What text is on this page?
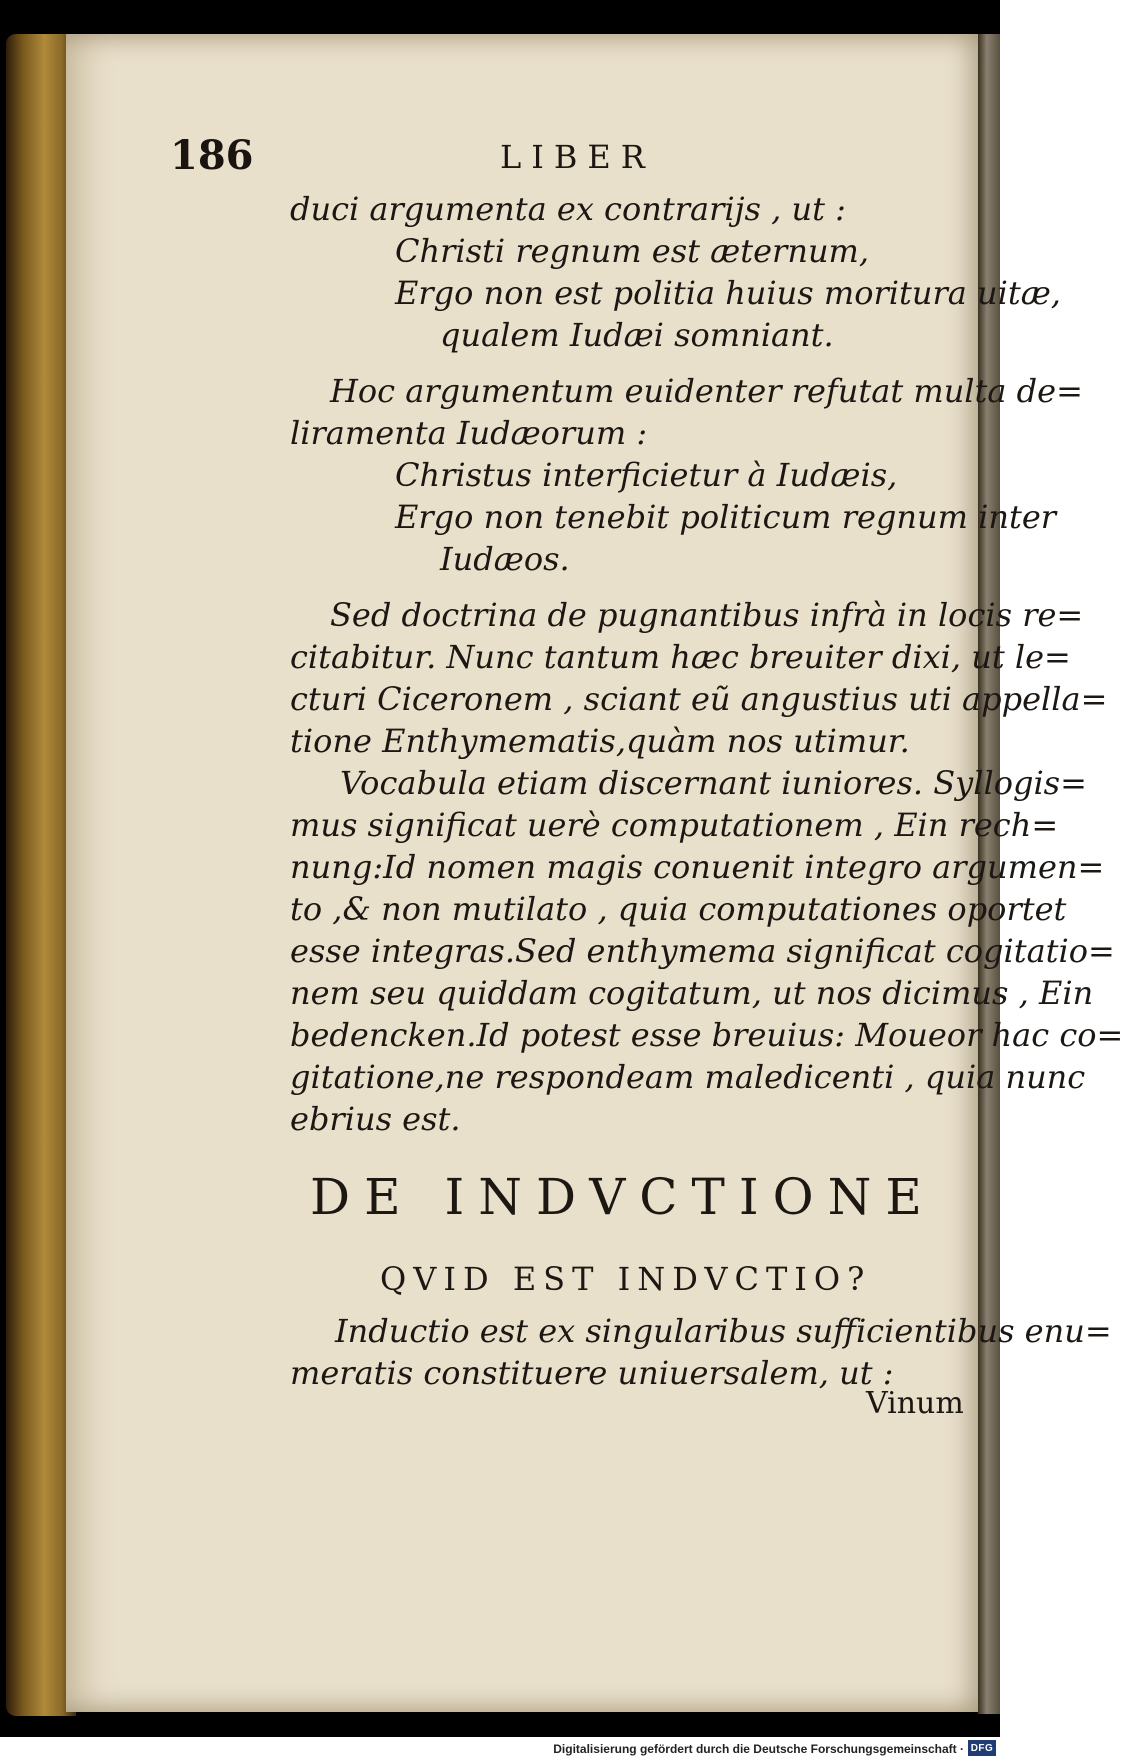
186	LIBER
duci argumenta ex contrarijs , ut :
Christi regnum est æternum,
Ergo non est politia huius moritura uitæ,
qualem Iudæi somniant.
Hoc argumentum euidenter refutat multa de=
liramenta Iudæorum :
Christus interficietur à Iudæis,
Ergo non tenebit politicum regnum inter
Iudæos.
Sed doctrina de pugnantibus infrà in locis re=
citabitur. Nunc tantum hæc breuiter dixi, ut le=
cturi Ciceronem , sciant eũ angustius uti appella=
tione Enthymematis,quàm nos utimur.
Vocabula etiam discernant iuniores. Syllogis=
mus significat uerè computationem , Ein rech=
nung:Id nomen magis conuenit integro argumen=
to ,& non mutilato , quia computationes oportet
esse integras.Sed enthymema significat cogitatio=
nem seu quiddam cogitatum, ut nos dicimus , Ein
bedencken.Id potest esse breuius: Moueor hac co=
gitatione,ne respondeam maledicenti , quia nunc
ebrius est.
DE INDVCTIONE
QVID EST INDVCTIO?
Inductio est ex singularibus sufficientibus enu=
meratis constituere uniuersalem, ut :
Vinum
Digitalisierung gefördert durch die Deutsche Forschungsgemeinschaft · DFG
